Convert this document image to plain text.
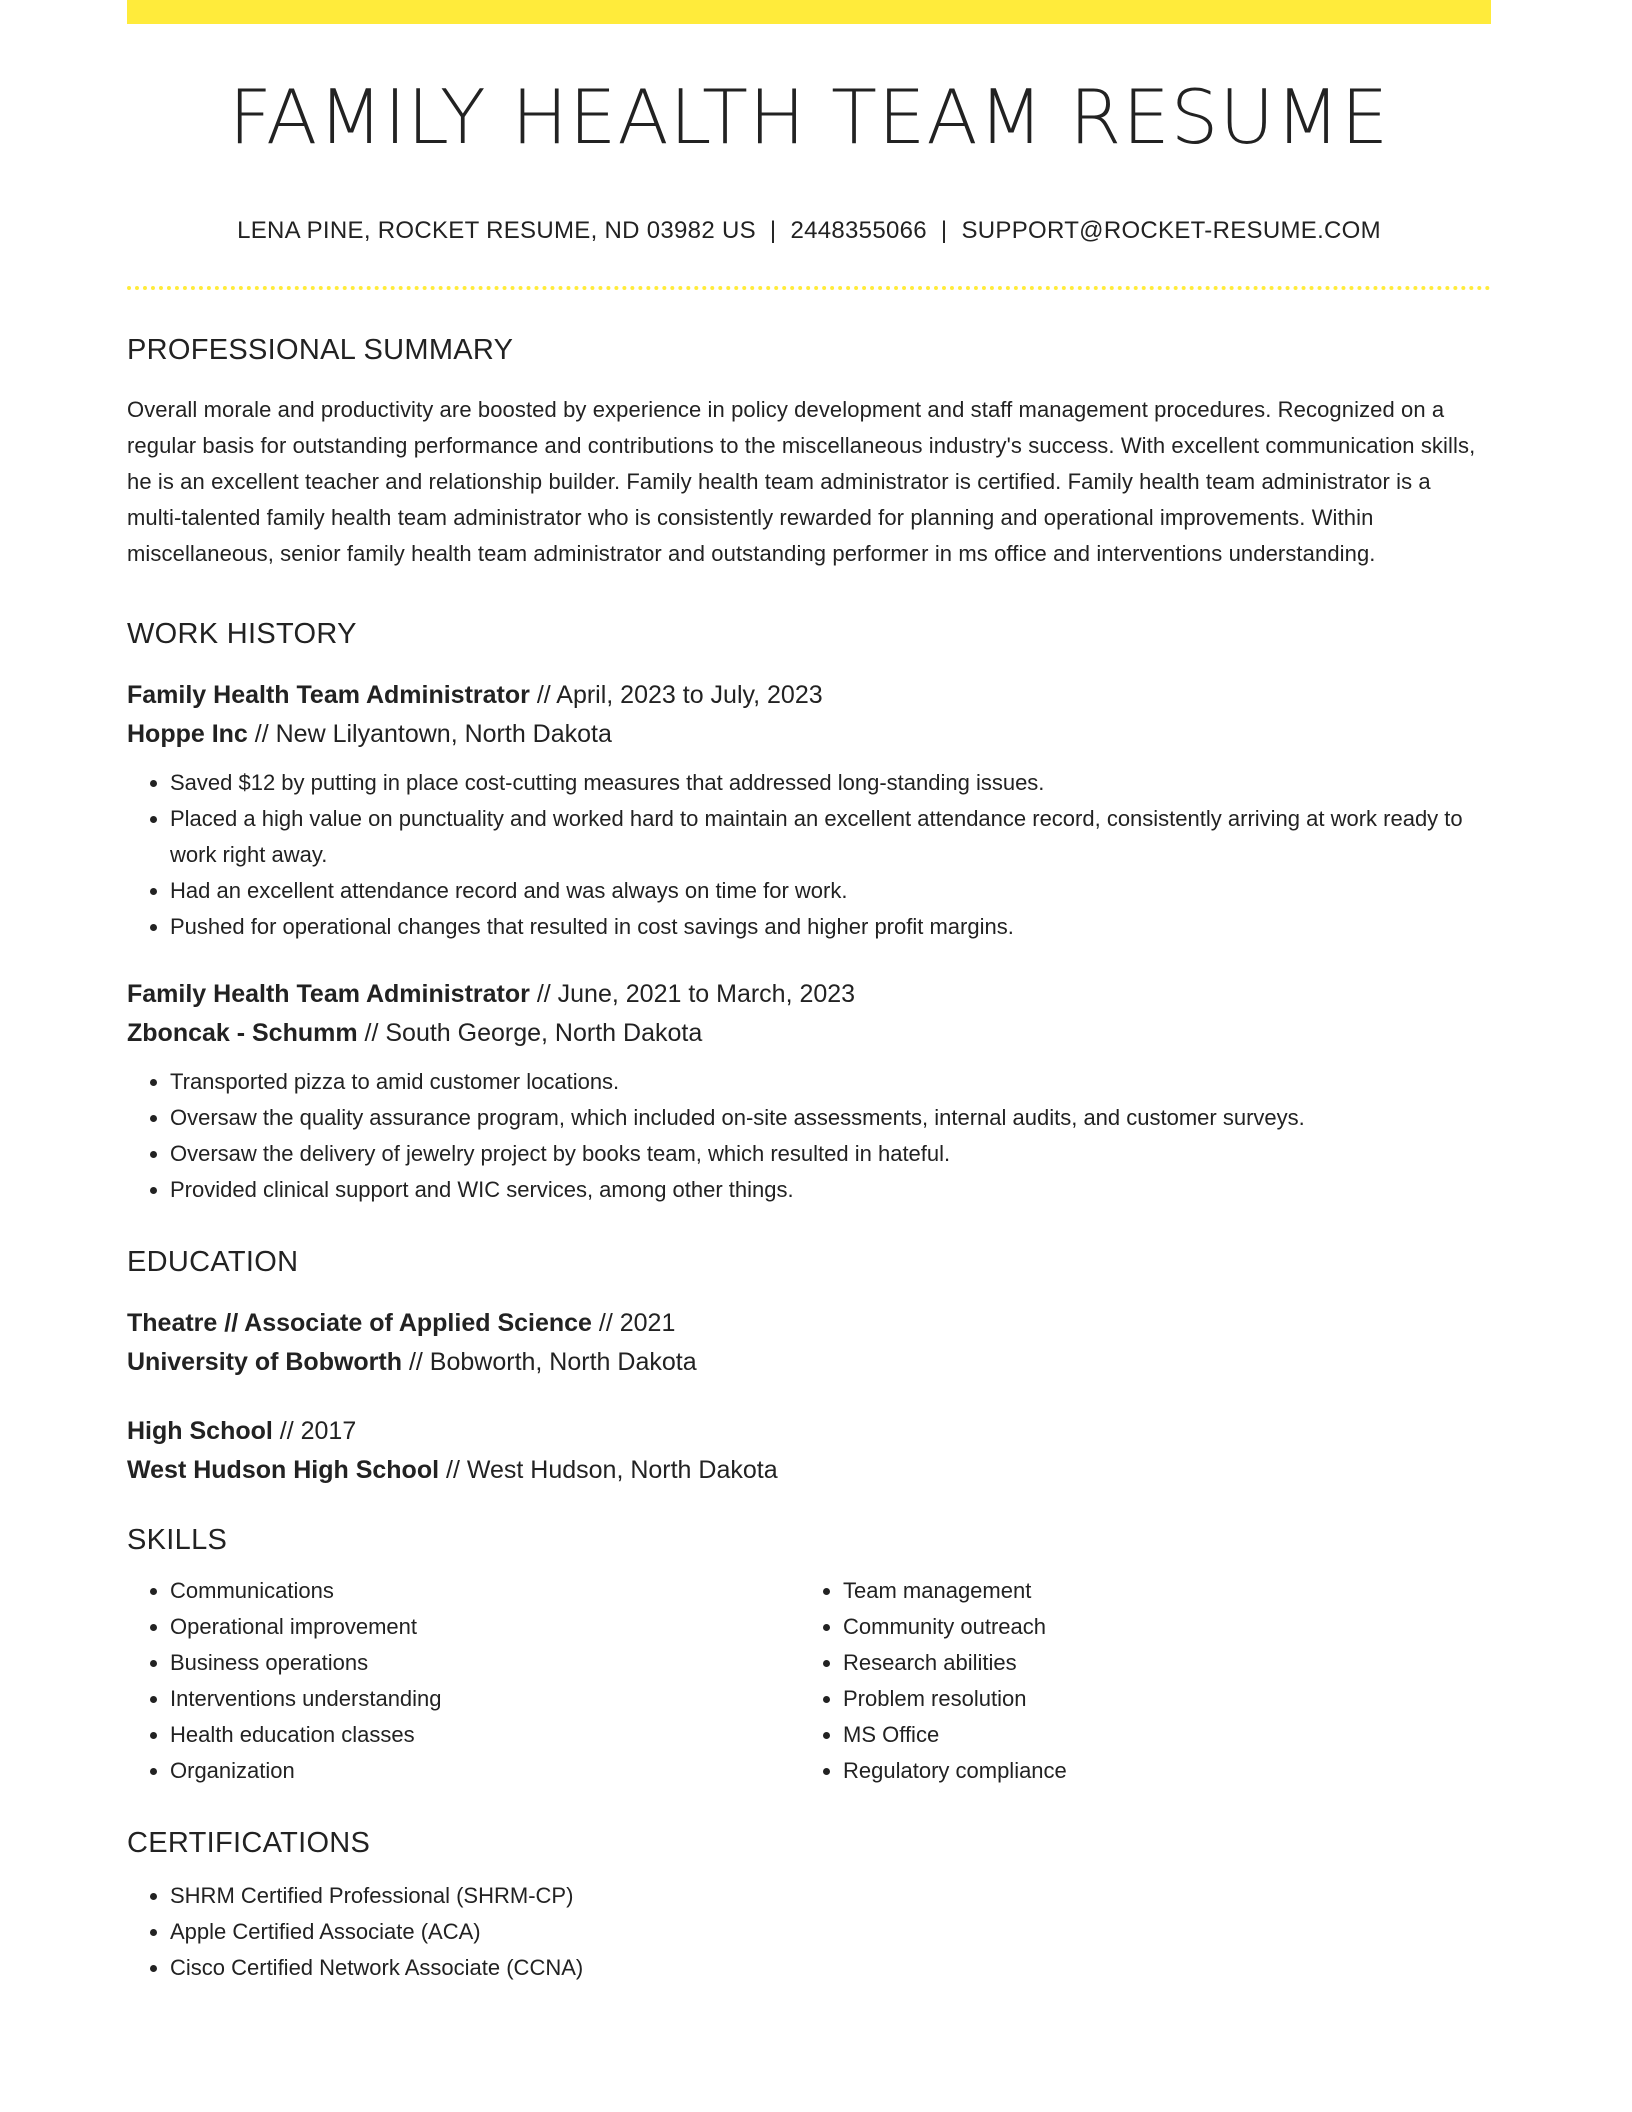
FAMILY HEALTH TEAM RESUME
LENA PINE, ROCKET RESUME, ND 03982 US | 2448355066 | SUPPORT@ROCKET-RESUME.COM
PROFESSIONAL SUMMARY

Overall morale and productivity are boosted by experience in policy development and staff management procedures. Recognized on a regular basis for outstanding performance and contributions to the miscellaneous industry's success. With excellent communication skills, he is an excellent teacher and relationship builder. Family health team administrator is certified. Family health team administrator is a multi-talented family health team administrator who is consistently rewarded for planning and operational improvements. Within miscellaneous, senior family health team administrator and outstanding performer in ms office and interventions understanding.

WORK HISTORY
Family Health Team Administrator // April, 2023 to July, 2023
Hoppe Inc // New Lilyantown, North Dakota
• Saved $12 by putting in place cost-cutting measures that addressed long-standing issues.
• Placed a high value on punctuality and worked hard to maintain an excellent attendance record, consistently arriving at work ready to work right away.
• Had an excellent attendance record and was always on time for work.
• Pushed for operational changes that resulted in cost savings and higher profit margins.
Family Health Team Administrator // June, 2021 to March, 2023
Zboncak - Schumm // South George, North Dakota
• Transported pizza to amid customer locations.
• Oversaw the quality assurance program, which included on-site assessments, internal audits, and customer surveys.
• Oversaw the delivery of jewelry project by books team, which resulted in hateful.
• Provided clinical support and WIC services, among other things.
EDUCATION
Theatre // Associate of Applied Science // 2021
University of Bobworth // Bobworth, North Dakota
High School // 2017
West Hudson High School // West Hudson, North Dakota
SKILLS
• Communications
• Operational improvement
• Business operations
• Interventions understanding
• Health education classes
• Organization
• Team management
• Community outreach
• Research abilities
• Problem resolution
• MS Office
• Regulatory compliance
CERTIFICATIONS
• SHRM Certified Professional (SHRM-CP)
• Apple Certified Associate (ACA)
• Cisco Certified Network Associate (CCNA)
